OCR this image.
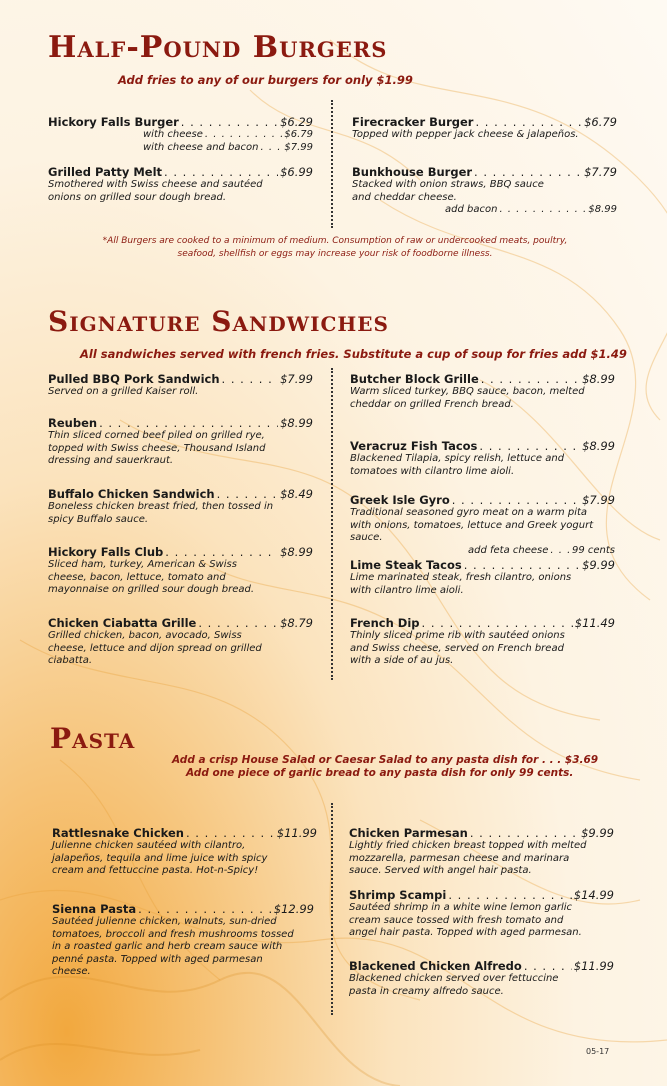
Half-Pound Burgers
Add fries to any of our burgers for only $1.99
Hickory Falls Burger . . .	$6.29
with cheese . . .	$6.79
with cheese and bacon . . .	$7.99
Grilled Patty Melt . . .	$6.99
Smothered with Swiss cheese and sautéed onions on grilled sour dough bread.
Firecracker Burger . . .	$6.79
Topped with pepper jack cheese & jalapeños.
Bunkhouse Burger . . .	$7.79
Stacked with onion straws, BBQ sauce and cheddar cheese.
add bacon . . .	$8.99
*All Burgers are cooked to a minimum of medium. Consumption of raw or undercooked meats, poultry, seafood, shellfish or eggs may increase your risk of foodborne illness.
Signature Sandwiches
All sandwiches served with french fries. Substitute a cup of soup for fries add $1.49
Pulled BBQ Pork Sandwich . . .	$7.99
Served on a grilled Kaiser roll.
Reuben . . .	$8.99
Thin sliced corned beef piled on grilled rye, topped with Swiss cheese, Thousand Island dressing and sauerkraut.
Buffalo Chicken Sandwich . . .	$8.49
Boneless chicken breast fried, then tossed in spicy Buffalo sauce.
Hickory Falls Club . . .	$8.99
Sliced ham, turkey, American & Swiss cheese, bacon, lettuce, tomato and mayonnaise on grilled sour dough bread.
Chicken Ciabatta Grille . . .	$8.79
Grilled chicken, bacon, avocado, Swiss cheese, lettuce and dijon spread on grilled ciabatta.
Butcher Block Grille . . .	$8.99
Warm sliced turkey, BBQ sauce, bacon, melted cheddar on grilled French bread.
Veracruz Fish Tacos . . .	$8.99
Blackened Tilapia, spicy relish, lettuce and tomatoes with cilantro lime aioli.
Greek Isle Gyro . . .	$7.99
Traditional seasoned gyro meat on a warm pita with onions, tomatoes, lettuce and Greek yogurt sauce.
add feta cheese . . . 99 cents
Lime Steak Tacos . . .	$9.99
Lime marinated steak, fresh cilantro, onions with cilantro lime aioli.
French Dip . . .	$11.49
Thinly sliced prime rib with sautéed onions and Swiss cheese, served on French bread with a side of au jus.
Pasta
Add a crisp House Salad or Caesar Salad to any pasta dish for . . . $3.69
Add one piece of garlic bread to any pasta dish for only 99 cents.
Rattlesnake Chicken . . .	$11.99
Julienne chicken sautéed with cilantro, jalapeños, tequila and lime juice with spicy cream and fettuccine pasta. Hot-n-Spicy!
Sienna Pasta . . .	$12.99
Sautéed julienne chicken, walnuts, sun-dried tomatoes, broccoli and fresh mushrooms tossed in a roasted garlic and herb cream sauce with penné pasta. Topped with aged parmesan cheese.
Chicken Parmesan . . .	$9.99
Lightly fried chicken breast topped with melted mozzarella, parmesan cheese and marinara sauce. Served with angel hair pasta.
Shrimp Scampi . . .	$14.99
Sautéed shrimp in a white wine lemon garlic cream sauce tossed with fresh tomato and angel hair pasta. Topped with aged parmesan.
Blackened Chicken Alfredo . . .	$11.99
Blackened chicken served over fettuccine pasta in creamy alfredo sauce.
05-17
